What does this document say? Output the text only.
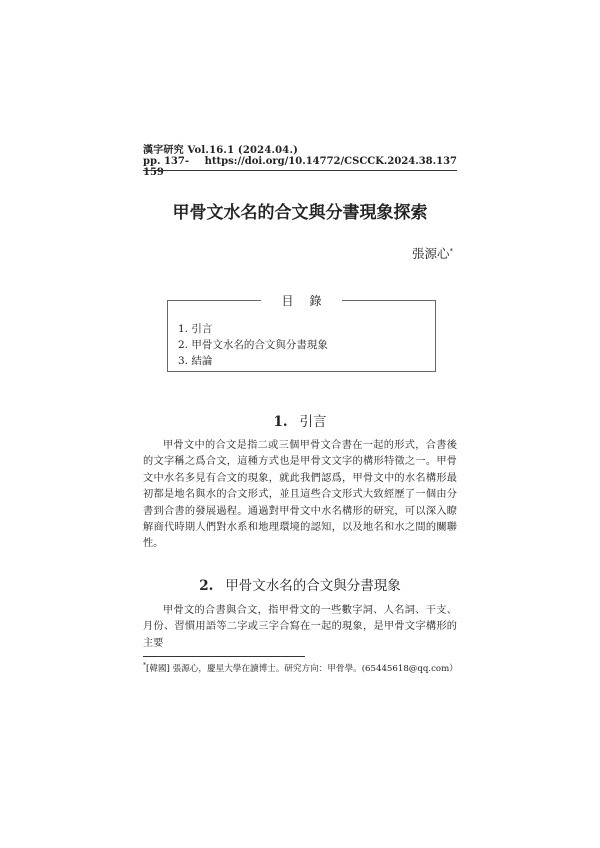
漢字研究 Vol.16.1 (2024.04.)
pp. 137-159
https://doi.org/10.14772/CSCCK.2024.38.137
甲骨文水名的合文與分書現象探索
張源心*
目錄
1. 引言
2. 甲骨文水名的合文與分書現象
3. 結論
1. 引言
甲骨文中的合文是指二或三個甲骨文合書在一起的形式，合書後的文字稱之爲合文，這種方式也是甲骨文文字的構形特徵之一。甲骨文中水名多見有合文的現象，就此我們認爲，甲骨文中的水名構形最初都是地名與水的合文形式，並且這些合文形式大致經歷了一個由分書到合書的發展過程。通過對甲骨文中水名構形的研究，可以深入瞭解商代時期人們對水系和地理環境的認知，以及地名和水之間的關聯性。
2. 甲骨文水名的合文與分書現象
甲骨文的合書與合文，指甲骨文的一些數字詞、人名詞、干支、月份、習慣用語等二字或三字合寫在一起的現象，是甲骨文字構形的主要
*[韓國] 張源心，慶星大學在讀博士。研究方向：甲骨學。(65445618@qq.com）
